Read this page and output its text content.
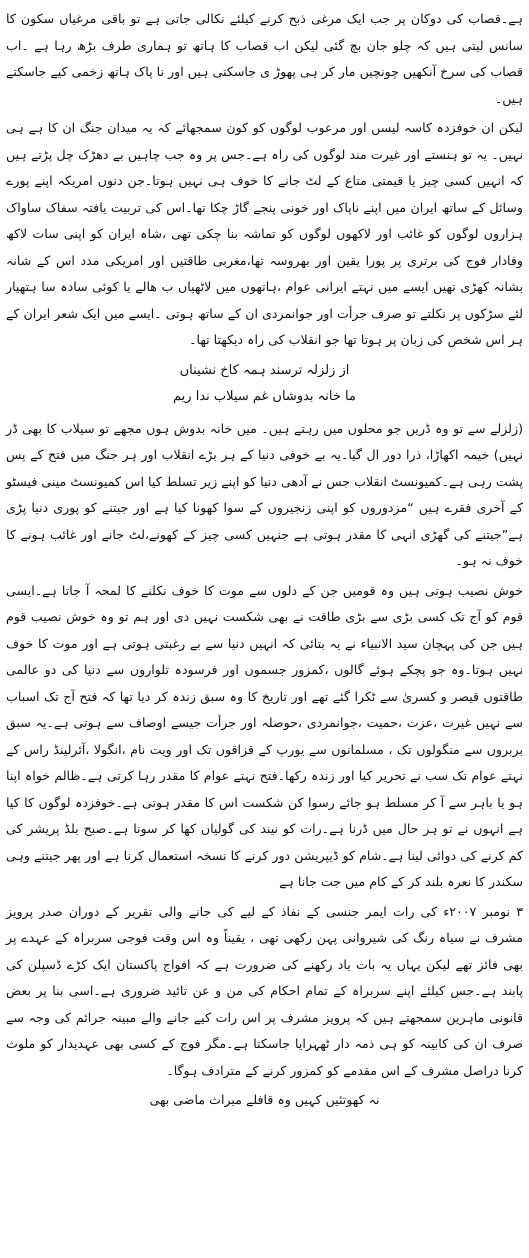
ہے۔قصاب کی دوکان پر جب ایک مرغی ذبح کرنے کیلئے نکالی جاتی ہے تو باقی مرغیاں سکون کا سانس لیتی ہیں کہ چلو جان بچ گئی لیکن اب قصاب کا ہاتھ تو ہماری طرف بڑھ رہا ہے ۔اب قصاب کی سرخ آنکھیں چونچیں مار کر ہی پھوڑ ی جاسکتی ہیں اور نا پاک ہاتھ زخمی کیے جاسکتے ہیں۔

لیکن ان خوفزدہ کاسہ لیسں اور مرعوب لوگوں کو کون سمجھائے کہ یہ میدان جنگ ان کا ہے ہی نہیں۔ یہ تو ہنستے اور غیرت مند لوگوں کی راہ ہے۔جس پر وہ جب چاہیں بے دھڑک چل پڑتے ہیں کہ انہیں کسی چیز یا قیمتی متاع کے لٹ جانے کا خوف ہی نہیں ہوتا۔جن دنوں امریکہ اپنے پورے وسائل کے ساتھ ایران میں اپنے ناپاک اور خونی پنجے گاڑ چکا تھا۔اس کی تربیت یافتہ سفاک ساواک ہزاروں لوگوں کو غائب اور لاکھوں لوگوں کو تماشہ بنا چکی تھی ،شاہ ایران کو اپنی سات لاکھ وفادار فوج کی برتری پر پورا یقین اور بھروسہ تھا،مغربی طاقتیں اور امریکی مدد اس کے شانہ بشانہ کھڑی تھیں ایسے میں نہتے ایرانی عوام ،ہاتھوں میں لاٹھیاں ب ھالے یا کوئی سادہ سا ہتھیار لئے سڑکوں پر نکلتے تو صرف جرأت اور جوانمردی ان کے ساتھ ہوتی ۔ایسے میں ایک شعر ایران کے ہر اس شخص کی زبان پر ہوتا تھا جو انقلاب کی راہ دیکھتا تھا۔

از زلزلہ ترسند ہمہ کاخ نشیناں

ما خانہ بدوشاں غم سیلاب ندا ریم

(زلزلے سے تو وہ ڈریں جو محلوں میں رہتے ہیں۔ میں خانہ بدوش ہوں مجھے تو سیلاب کا بھی ڈر نہیں) خیمہ اکھاڑا، ذرا دور ال گیا۔یہ بے خوفی دنیا کے ہر بڑے انقلاب اور ہر جنگ میں فتح کے پس پشت رہی ہے۔کمیونسٹ انقلاب جس نے آدھی دنیا کو اپنے زیر تسلط کیا اس کمیونسٹ مینی فیسٹو کے آخری فقرے ہیں “مزدوروں کو اپنی زنجیروں کے سوا کھونا کیا ہے اور جیتنے کو پوری دنیا پڑی ہے”جیتنے کی گھڑی انہی کا مقدر ہوتی ہے جنہیں کسی چیز کے کھونے،لٹ جانے اور غائب ہونے کا خوف نہ ہو۔

خوش نصیب ہوتی ہیں وہ قومیں جن کے دلوں سے موت کا خوف نکلنے کا لمحہ آ جاتا ہے۔ایسی قوم کو آج تک کسی بڑی سے بڑی طاقت نے بھی شکست نہیں دی اور ہم تو وہ خوش نصیب قوم ہیں جن کی پہچان سید الانبیاء نے یہ بتائی کہ انہیں دنیا سے بے رغبتی ہوتی ہے اور موت کا خوف نہیں ہوتا۔وہ جو پچکے ہوئے گالوں ،کمزور جسموں اور فرسودہ تلواروں سے دنیا کی دو عالمی طاقتوں قیصر و کسریٰ سے ٹکرا گئے تھے اور تاریخ کا وہ سبق زندہ کر دیا تھا کہ فتح آج تک اسباب سے نہیں غیرت ،عزت ،حمیت ،جوانمردی ،حوصلہ اور جرأت جیسے اوصاف سے ہوتی ہے۔یہ سبق بربروں سے منگولوں تک ، مسلمانوں سے یورپ کے قزاقوں تک اور ویت نام ،انگولا ،آئرلینڈ راس کے نہتے عوام تک سب نے تحریر کیا اور زندہ رکھا۔فتح نہتے عوام کا مقدر رہا کرتی ہے۔ظالم خواہ اپنا ہو یا باہر سے آ کر مسلط ہو جائے رسوا کن شکست اس کا مقدر ہوتی ہے۔خوفزدہ لوگوں کا کیا ہے انہوں نے تو ہر حال میں ڈرنا ہے۔رات کو نیند کی گولیاں کھا کر سونا ہے۔صبح بلڈ پریشر کی کم کرنے کی دوائی لینا ہے۔شام کو ڈیپریشن دور کرنے کا نسخہ استعمال کرنا ہے اور پھر جیتنے وہی سکندر کا نعرہ بلند کر کے کام میں جت جانا ہے

۳ نومبر ۲۰۰۷ء کی رات ایمر جنسی کے نفاذ کے لیے کی جانے والی تقریر کے دوران صدر پرویز مشرف نے سیاہ رنگ کی شیروانی پہن رکھی تھی ، یقیناً وہ اس وقت فوجی سربراہ کے عہدے پر بھی فائز تھے لیکن یہاں یہ بات یاد رکھنے کی ضرورت ہے کہ افواج پاکستان ایک کڑے ڈسپلن کی پابند ہے۔جس کیلئے اپنے سربراہ کے تمام احکام کی من و عن تائید ضروری ہے۔اسی بنا پر بعض قانونی ماہرین سمجھتے ہیں کہ پرویز مشرف پر اس رات کیے جانے والے مبینہ جرائم کی وجہ سے صرف ان کی کابینہ کو ہی ذمہ دار ٹھہرایا جاسکتا ہے۔مگر فوج کے کسی بھی عہدیدار کو ملوث کرنا دراصل مشرف کے اس مقدمے کو کمزور کرنے کے مترادف ہوگا۔

نہ کھوتئیں کہیں وہ قافلے میراث ماضی بھی
